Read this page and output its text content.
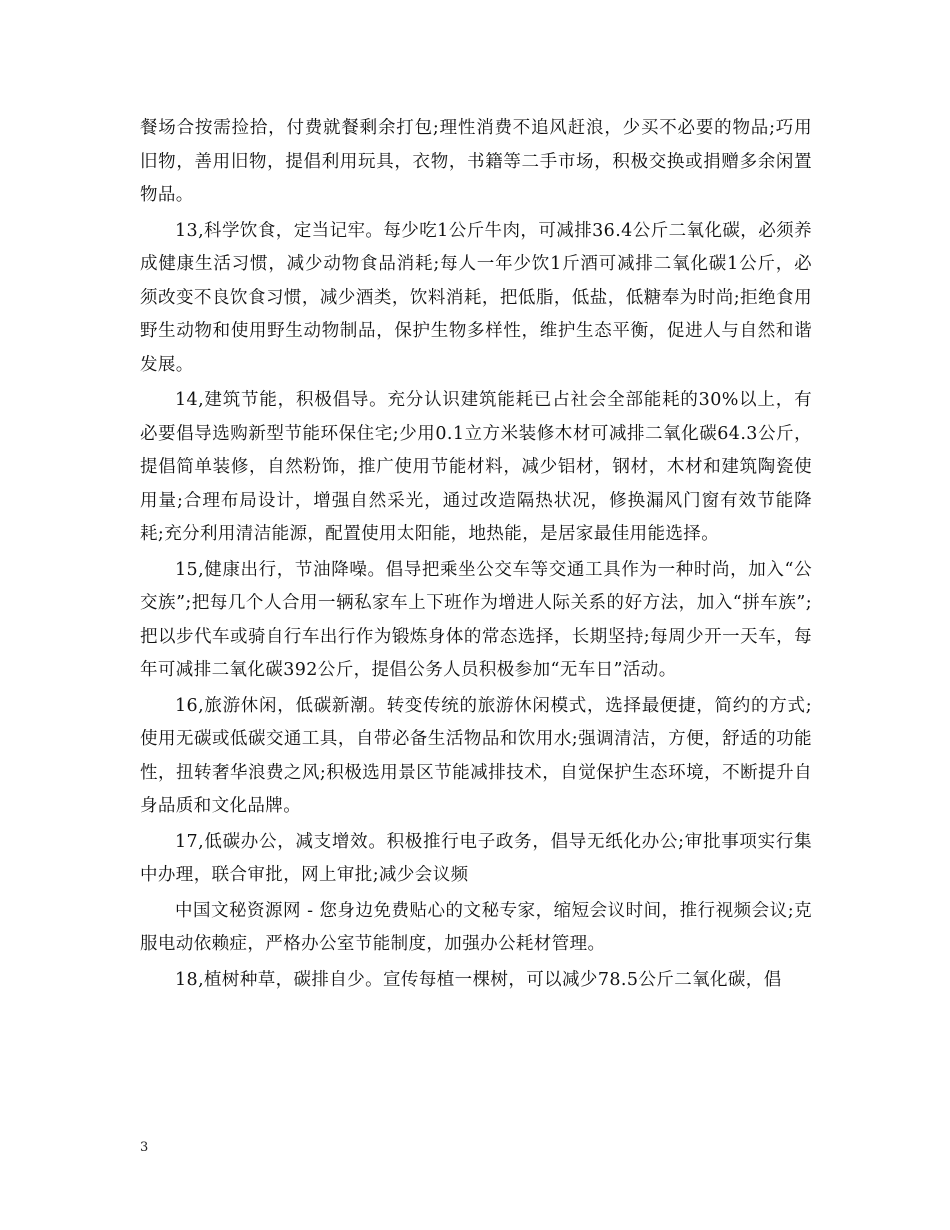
餐场合按需捡拾，付费就餐剩余打包;理性消费不追风赶浪，少买不必要的物品;巧用旧物，善用旧物，提倡利用玩具，衣物，书籍等二手市场，积极交换或捐赠多余闲置物品。

13,科学饮食，定当记牢。每少吃1公斤牛肉，可减排36.4公斤二氧化碳，必须养成健康生活习惯，减少动物食品消耗;每人一年少饮1斤酒可减排二氧化碳1公斤，必须改变不良饮食习惯，减少酒类，饮料消耗，把低脂，低盐，低糖奉为时尚;拒绝食用野生动物和使用野生动物制品，保护生物多样性，维护生态平衡，促进人与自然和谐发展。

14,建筑节能，积极倡导。充分认识建筑能耗已占社会全部能耗的30%以上，有必要倡导选购新型节能环保住宅;少用0.1立方米装修木材可减排二氧化碳64.3公斤，提倡简单装修，自然粉饰，推广使用节能材料，减少铝材，钢材，木材和建筑陶瓷使用量;合理布局设计，增强自然采光，通过改造隔热状况，修换漏风门窗有效节能降耗;充分利用清洁能源，配置使用太阳能，地热能，是居家最佳用能选择。

15,健康出行，节油降噪。倡导把乘坐公交车等交通工具作为一种时尚，加入“公交族”;把每几个人合用一辆私家车上下班作为增进人际关系的好方法，加入“拼车族”;把以步代车或骑自行车出行作为锻炼身体的常态选择，长期坚持;每周少开一天车，每年可减排二氧化碳392公斤，提倡公务人员积极参加“无车日”活动。

16,旅游休闲，低碳新潮。转变传统的旅游休闲模式，选择最便捷，简约的方式;使用无碳或低碳交通工具，自带必备生活物品和饮用水;强调清洁，方便，舒适的功能性，扭转奢华浪费之风;积极选用景区节能减排技术，自觉保护生态环境，不断提升自身品质和文化品牌。

17,低碳办公，减支增效。积极推行电子政务，倡导无纸化办公;审批事项实行集中办理，联合审批，网上审批;减少会议频

中国文秘资源网 - 您身边免费贴心的文秘专家，缩短会议时间，推行视频会议;克服电动依赖症，严格办公室节能制度，加强办公耗材管理。

18,植树种草，碳排自少。宣传每植一棵树，可以减少78.5公斤二氧化碳，倡

3
